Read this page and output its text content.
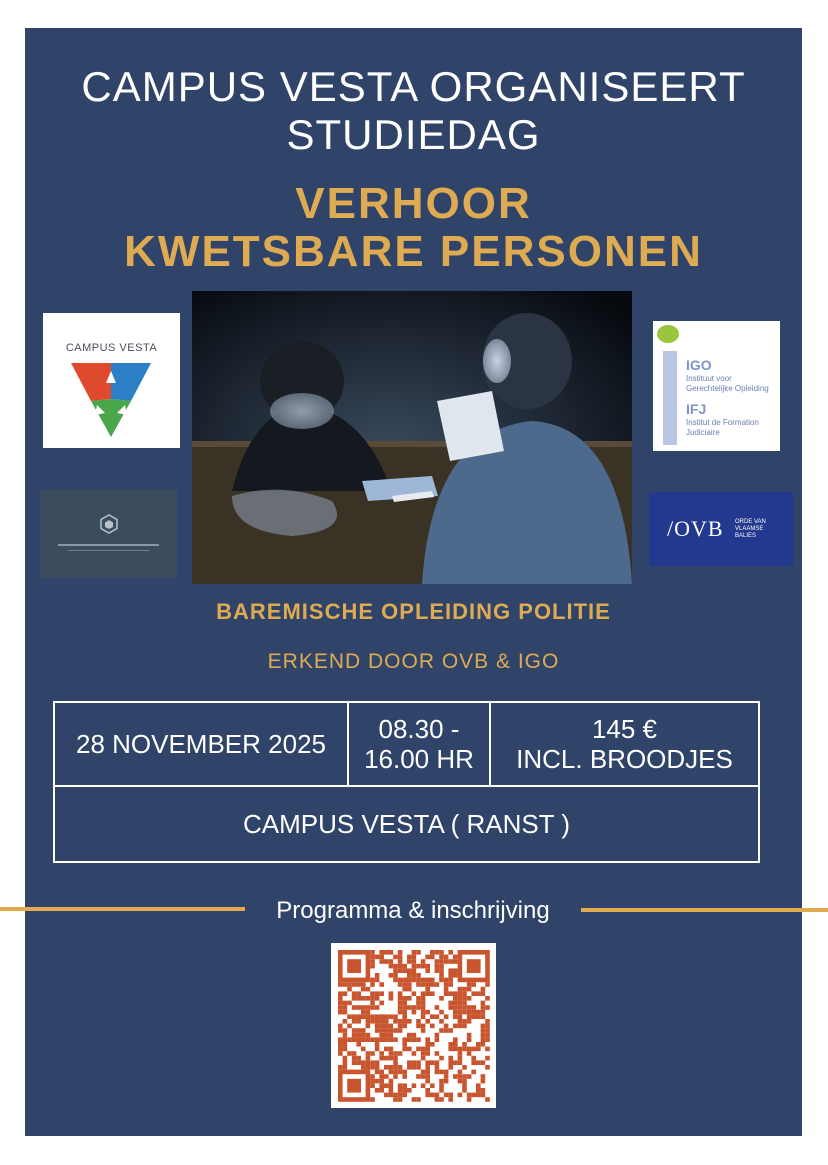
CAMPUS VESTA ORGANISEERT
STUDIEDAG
VERHOOR
KWETSBARE PERSONEN
CAMPUS VESTA
IGO
Instituut voor
Gerechtelijke Opleiding
IFJ
Institut de Formation
Judiciaire
/OVB ORDE VAN
VLAAMSE
BALIES
BAREMISCHE OPLEIDING POLITIE
ERKEND DOOR OVB & IGO
28 NOVEMBER 2025	08.30 -
16.00 HR
145 €
INCL. BROODJES
CAMPUS VESTA ( RANST )
Programma & inschrijving
